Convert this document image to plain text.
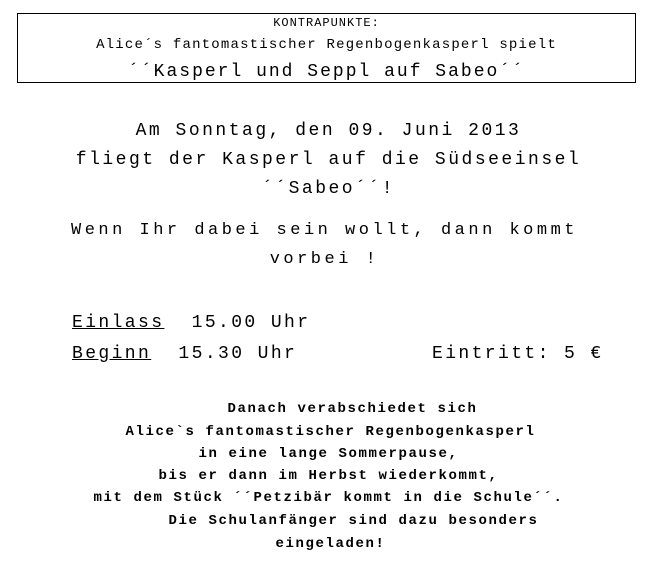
KONTRAPUNKTE:
Alice´s fantomastischer Regenbogenkasperl spielt
´´Kasperl und Seppl auf Sabeo´´
Am Sonntag, den 09. Juni 2013
fliegt der Kasperl auf die Südseeinsel
´´Sabeo´´!
Wenn Ihr dabei sein wollt, dann kommt
vorbei !
Einlass 15.00 Uhr
Beginn 15.30 Uhr	Eintritt: 5 €
Danach verabschiedet sich
Alice`s fantomastischer Regenbogenkasperl
in eine lange Sommerpause,
bis er dann im Herbst wiederkommt,
mit dem Stück ´´Petzibär kommt in die Schule´´.
Die Schulanfänger sind dazu besonders
eingeladen!
